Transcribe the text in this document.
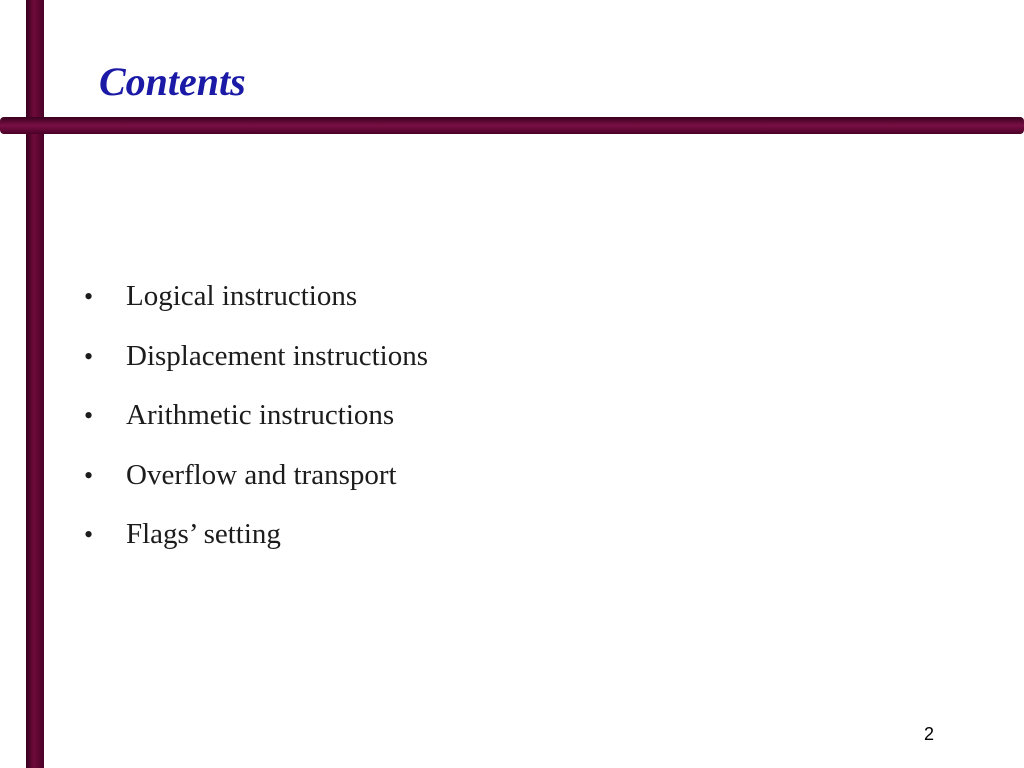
Contents
•	Logical instructions
•	Displacement instructions
•	Arithmetic instructions
•	Overflow and transport
•	Flags’ setting
2
